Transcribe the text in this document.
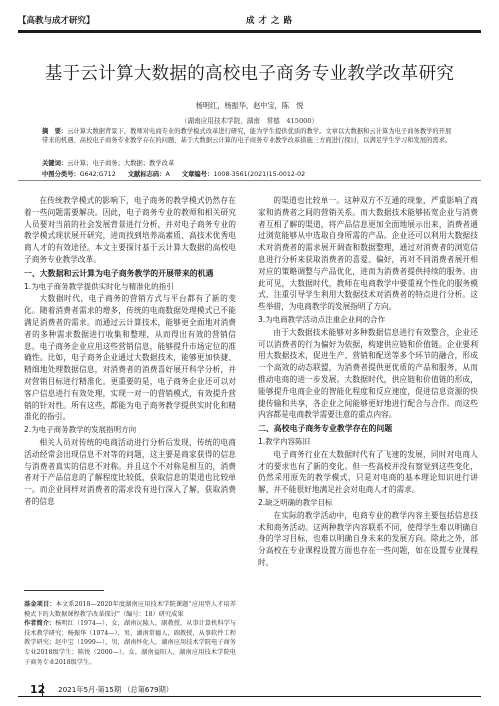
【高教与成才研究】	成才之路
基于云计算大数据的高校电子商务专业教学改革研究
杨明红，杨振华，赵中宝，陈　悦
（湖南应用技术学院，湖南　常德　415000）
摘　要：云计算大数据背景下，教师对电商专业的教学模式改革进行研究，能为学生提供优质的教学。文章以大数据和云计算为电子商务教学的开展带来的机遇、高校电子商务专业教学存在的问题、基于大数据云计算的电子商务专业教学改革措施三方面进行探讨，以满足学生学习和发展的需求。
关键词：云计算；电子商务；大数据；教学改革
中图分类号：G642;G712 文献标志码：A 文章编号：1008-3561(2021)15-0012-02

在传统教学模式的影响下，电子商务的教学模式仍然存在着一些问题需要解决。因此，电子商务专业的教师和相关研究人员要对当前的社会发展背景进行分析，并对电子商务专业的教学模式现状展开研究，进而找到培养高素质、高技术优秀电商人才的有效途径。本文主要探讨基于云计算大数据的高校电子商务专业教学改革。

一、大数据和云计算为电子商务教学的开展带来的机遇

1.为电子商务教学提供实时化与精准化的指引

大数据时代，电子商务的营销方式与平台都有了新的变化。随着消费者需求的增多，传统的电商数据处理模式已不能满足消费者的需求。而通过云计算技术，能够更全面地对消费者的多种需求数据进行收集和整理，从而得出有效的营销信息。电子商务企业应用这些营销信息，能够提升市场定位的准确性。比如，电子商务企业通过大数据技术，能够更加快捷、精细地处理数据信息，对消费者的消费喜好展开科学分析，并对营销目标进行精准化。更重要的是，电子商务企业还可以对客户信息进行有效处理，实现一对一的营销模式，有效提升营销的针对性。所有这些，都能为电子商务教学提供实时化和精准化的指引。

2.为电子商务教学的发展指明方向

相关人员对传统的电商活动进行分析后发现，传统的电商活动经常会出现信息不对等的问题，这主要是商家获得的信息与消费者真实的信息不对称。并且这个不对称是相互的，消费者对于产品信息的了解程度比较低，获取信息的渠道也比较单一。而企业同样对消费者的需求没有进行深入了解，获取消费者的信息

的渠道也比较单一。这种双方不互通的现象，严重影响了商家和消费者之间的营销关系。而大数据技术能够拓宽企业与消费者互相了解的渠道，将产品信息更加全面地展示出来，消费者通过浏览能够从中选取自身所需的产品。企业还可以利用大数据技术对消费者的需求展开调查和数据整理，通过对消费者的浏览信息进行分析来获取消费者的喜爱、偏好，再对不同消费者展开相对应的策略调整与产品优化，进而为消费者提供持续的服务。由此可见，大数据时代，教师在电商教学中要重视个性化的服务模式，注重引导学生利用大数据技术对消费者的特点进行分析。这些举措，为电商教学的发展指明了方向。

3.为电商教学活动点注重企业间的合作

由于大数据技术能够对多种数据信息进行有效整合，企业还可以消费者的行为偏好为依据，构建供应链和价值链。企业要利用大数据技术，促进生产、营销和配送等多个环节的融合，形成一个高效的动态联盟，为消费者提供更优质的产品和服务，从而推动电商的进一步发展。大数据时代，供应链和价值链的形成，能够提升电商企业的智能化程度和反应速度，促进信息资源的快捷传输和共享，各企业之间能够更好地进行配合与合作。而这些内容都是电商教学需要注意的重点内容。

二、高校电子商务专业教学存在的问题

1.教学内容陈旧

电子商务行业在大数据时代有了飞速的发展，同时对电商人才的要求也有了新的变化。但一些高校并没有察觉到这些变化，仍然采用原先的教学模式，只是对电商的基本理论知识进行讲解，并不能很好地满足社会对电商人才的需求。

2.缺乏明确的教学目标

在实际的教学活动中，电商专业的教学内容主要包括信息技术和商务活动。这两种教学内容联系不同，使得学生难以明确自身的学习目标，也难以明确自身未来的发展方向。除此之外，部分高校在专业课程设置方面也存在一些问题，如在设置专业课程时，

基金项目：本文系2018—2020年度湖南应用技术学院课题“应用型人才培养模式下的大数据课程教学改革探讨”（编号：18）研究成果
作者简介：杨明红（1974—），女，湖南沅陵人，副教授，从事计算机科学与技术教学研究；杨振华（1974—），男，湖南常德人，副教授，从事软件工程教学研究；赵中宝（1999—），男，湖南怀化人，湖南应用技术学院电子商务专业2018级学生；陈悦（2000—），女，湖南益阳人，湖南应用技术学院电子商务专业2018级学生。
12 2021年5月·第15期 （总第679期）
